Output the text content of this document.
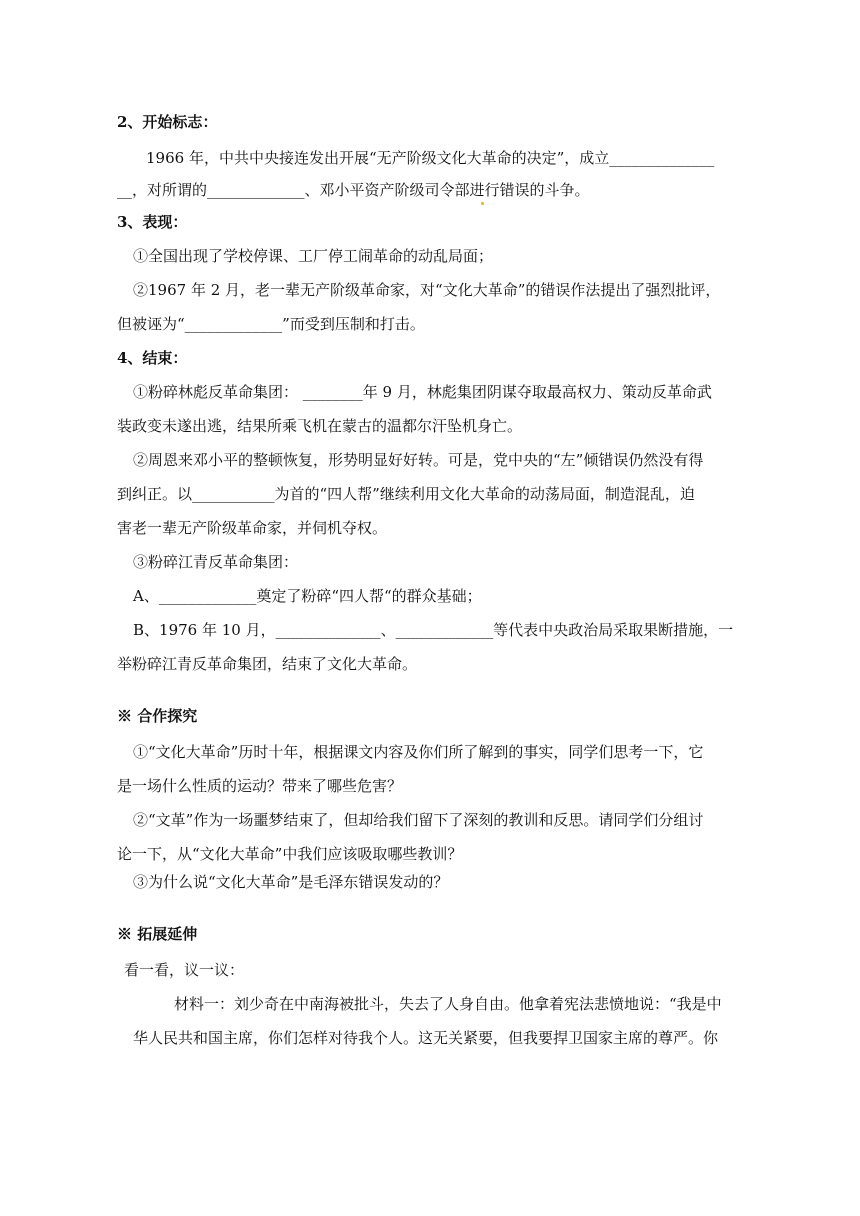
2、开始标志：
1966 年，中共中央接连发出开展“无产阶级文化大革命的决定”，成立______________
__，对所谓的_____________、邓小平资产阶级司令部进行错误的斗争。
3、表现：
①全国出现了学校停课、工厂停工闹革命的动乱局面；
②1967 年 2 月，老一辈无产阶级革命家，对“文化大革命”的错误作法提出了强烈批评，
但被诬为“_____________”而受到压制和打击。
4、结束：
①粉碎林彪反革命集团： ________年 9 月，林彪集团阴谋夺取最高权力、策动反革命武
装政变未遂出逃，结果所乘飞机在蒙古的温都尔汗坠机身亡。
②周恩来邓小平的整顿恢复，形势明显好好转。可是，党中央的“左”倾错误仍然没有得
到纠正。以___________为首的“四人帮”继续利用文化大革命的动荡局面，制造混乱，迫
害老一辈无产阶级革命家，并伺机夺权。
③粉碎江青反革命集团：
A、_____________奠定了粉碎“四人帮“的群众基础；
B、1976 年 10 月，______________、_____________等代表中央政治局采取果断措施，一
举粉碎江青反革命集团，结束了文化大革命。
※ 合作探究
①“文化大革命”历时十年，根据课文内容及你们所了解到的事实，同学们思考一下，它
是一场什么性质的运动？带来了哪些危害？
②“文革”作为一场噩梦结束了，但却给我们留下了深刻的教训和反思。请同学们分组讨
论一下，从“文化大革命”中我们应该吸取哪些教训？
③为什么说“文化大革命”是毛泽东错误发动的？
※ 拓展延伸
看一看，议一议：
材料一：刘少奇在中南海被批斗，失去了人身自由。他拿着宪法悲愤地说：“我是中
华人民共和国主席，你们怎样对待我个人。这无关紧要，但我要捍卫国家主席的尊严。你
